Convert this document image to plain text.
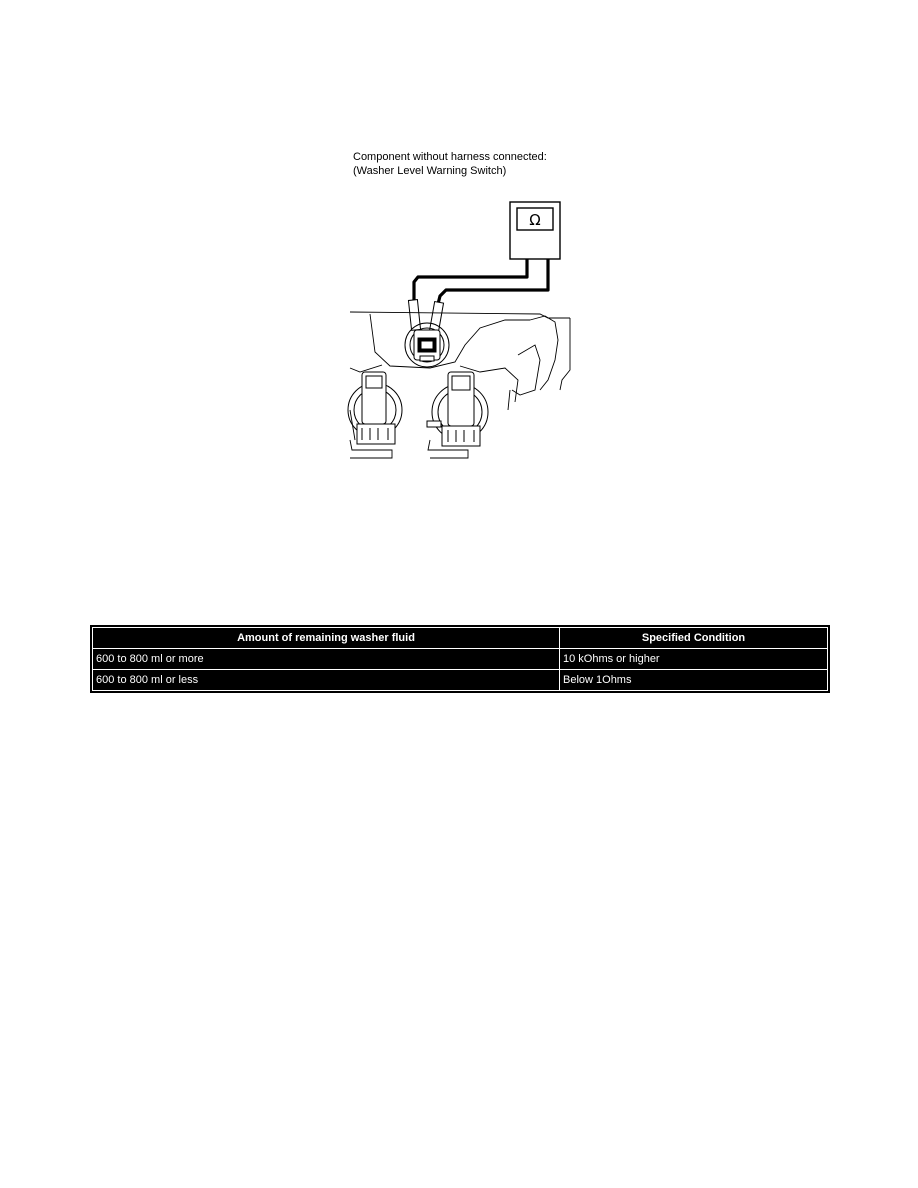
Ω
Component without harness connected:
(Washer Level Warning Switch)
Amount of remaining washer fluid	Specified Condition
600 to 800 ml or more	10 kOhms or higher
600 to 800 ml or less	Below 1Ohms
